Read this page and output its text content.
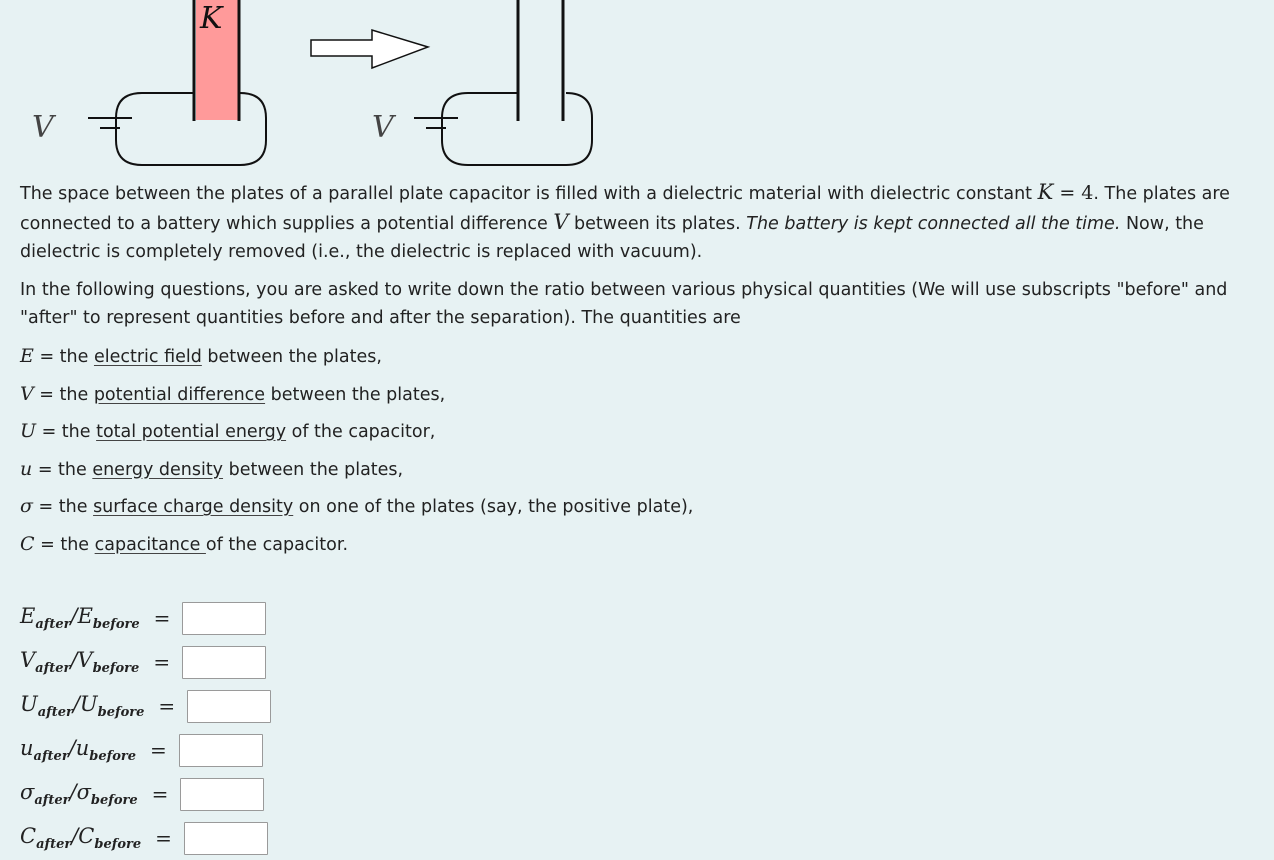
K
V	V

The space between the plates of a parallel plate capacitor is filled with a dielectric material with dielectric constant K = 4. The plates are connected to a battery which supplies a potential difference V between its plates. The battery is kept connected all the time. Now, the dielectric is completely removed (i.e., the dielectric is replaced with vacuum).

In the following questions, you are asked to write down the ratio between various physical quantities (We will use subscripts "before" and "after" to represent quantities before and after the separation). The quantities are

E = the electric field between the plates,
V = the potential difference between the plates,
U = the total potential energy of the capacitor,
u = the energy density between the plates,
σ = the surface charge density on one of the plates (say, the positive plate),
C = the capacitance of the capacitor.
$E_{after}/E_{before}$ =
$V_{after}/V_{before}$ =
$U_{after}/U_{before}$ =
$u_{after}/u_{before}$ =
$\sigma_{after}/\sigma_{before}$ =
$C_{after}/C_{before}$ =
